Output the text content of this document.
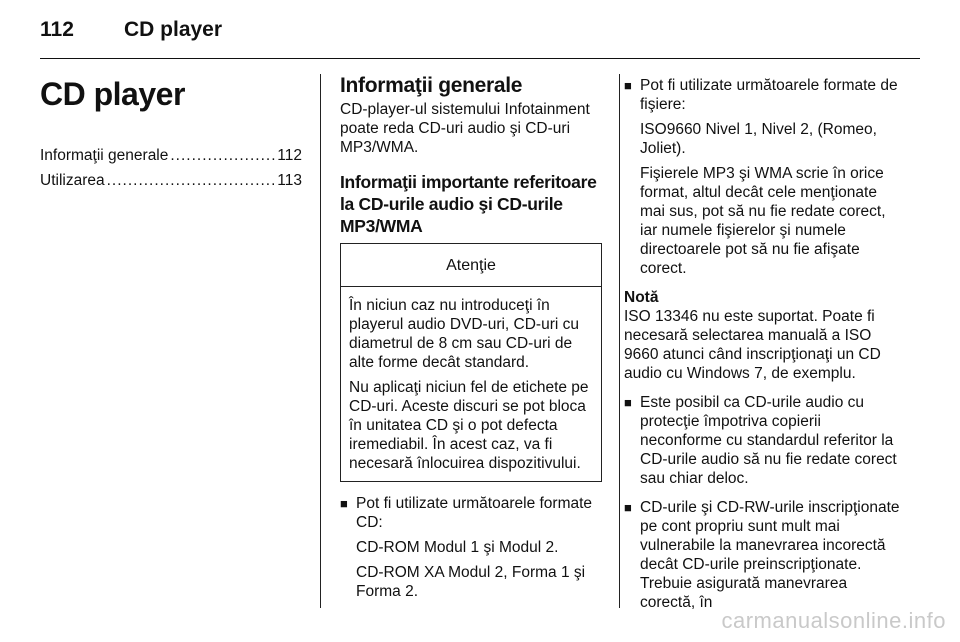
112 CD player
CD player
Informaţii generale .....	112
Utilizarea .....	113
Informaţii generale
CD-player-ul sistemului Infotainment poate reda CD-uri audio şi CD-uri MP3/WMA.
Informaţii importante referitoare la CD-urile audio şi CD-urile MP3/WMA
Atenţie

În niciun caz nu introduceţi în playerul audio DVD-uri, CD-uri cu diametrul de 8 cm sau CD-uri de alte forme decât standard.

Nu aplicaţi niciun fel de etichete pe CD-uri. Aceste discuri se pot bloca în unitatea CD şi o pot defecta iremediabil. În acest caz, va fi necesară înlocuirea dispozitivului.

■ Pot fi utilizate următoarele formate CD:
CD-ROM Modul 1 şi Modul 2.
CD-ROM XA Modul 2, Forma 1 şi Forma 2.
■ Pot fi utilizate următoarele formate de fişiere:
ISO9660 Nivel 1, Nivel 2, (Romeo, Joliet).
Fişierele MP3 şi WMA scrie în orice format, altul decât cele menţionate mai sus, pot să nu fie redate corect, iar numele fişierelor şi numele directoarele pot să nu fie afişate corect.
Notă
ISO 13346 nu este suportat. Poate fi necesară selectarea manuală a ISO 9660 atunci când inscripţionaţi un CD audio cu Windows 7, de exemplu.
■ Este posibil ca CD-urile audio cu protecţie împotriva copierii neconforme cu standardul referitor la CD-urile audio să nu fie redate corect sau chiar deloc.
■ CD-urile şi CD-RW-urile inscripţionate pe cont propriu sunt mult mai vulnerabile la manevrarea incorectă decât CD-urile preinscripţionate. Trebuie asigurată manevrarea corectă, în
carmanualsonline.info
